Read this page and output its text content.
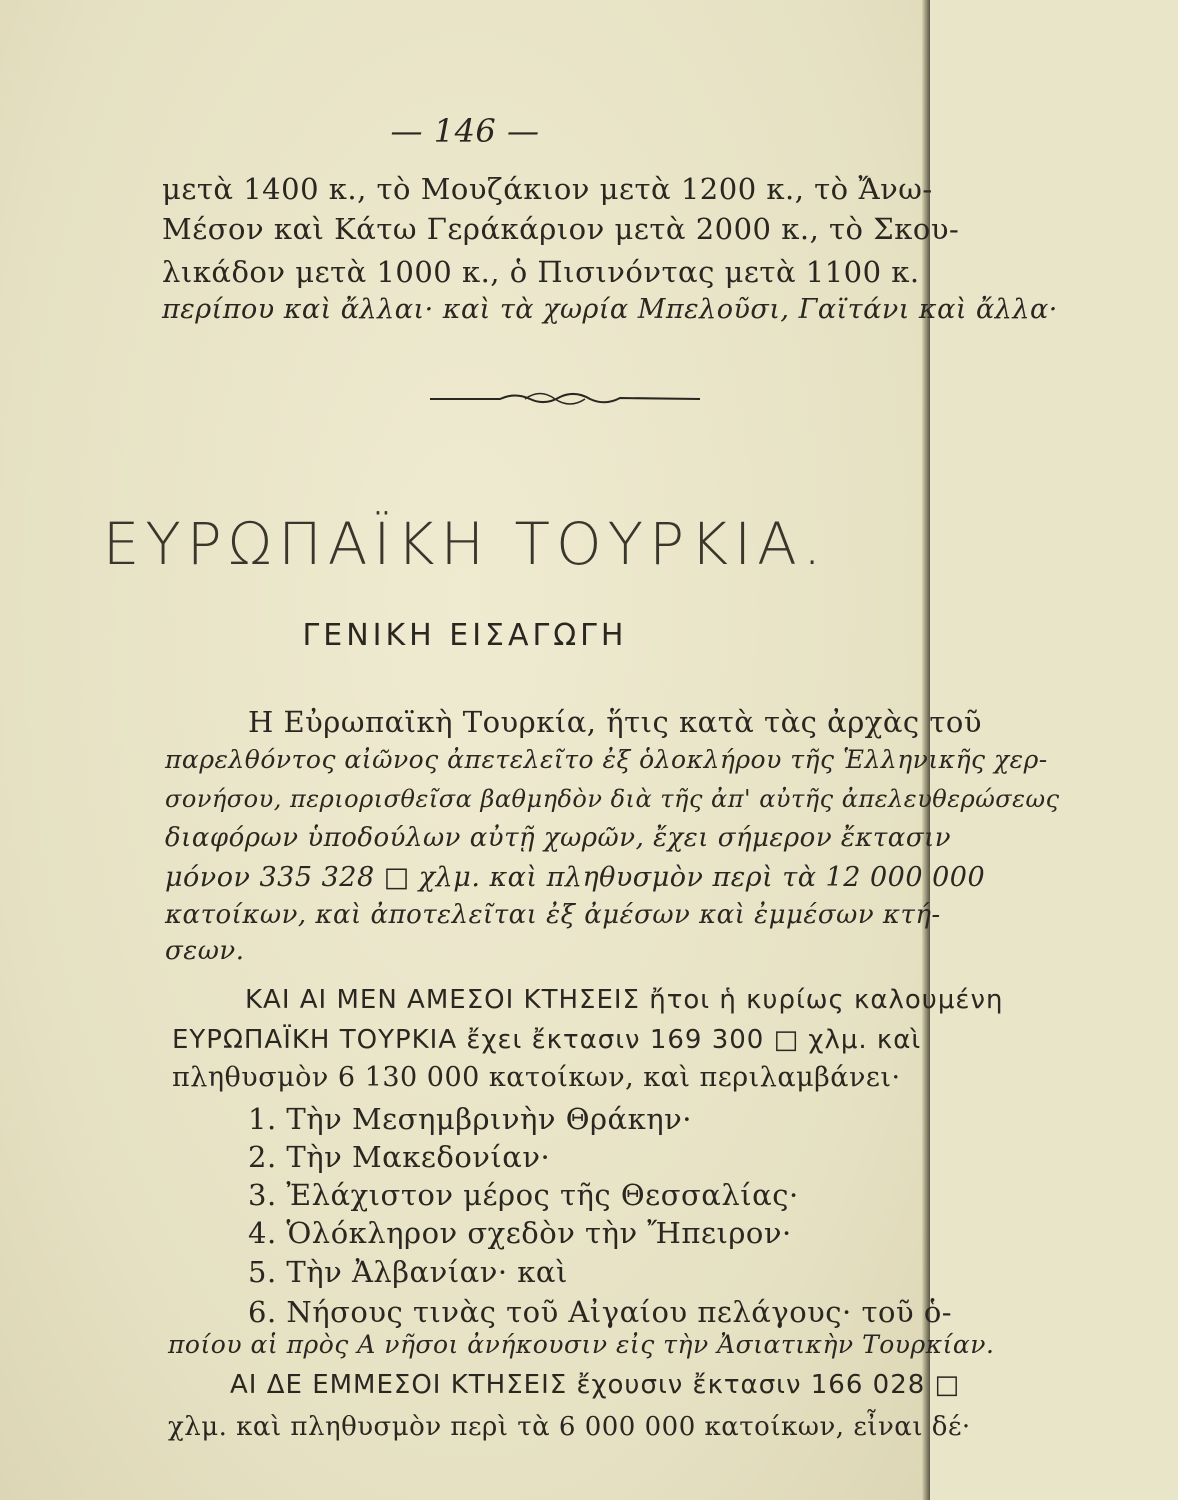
— 146 —
μετὰ 1400 κ., τὸ Μουζάκιον μετὰ 1200 κ., τὸ Ἄνω-
Μέσον καὶ Κάτω Γεράκάριον μετὰ 2000 κ., τὸ Σκου-
λικάδον μετὰ 1000 κ., ὁ Πισινόντας μετὰ 1100 κ.
περίπου καὶ ἄλλαι· καὶ τὰ χωρία Μπελοῦσι, Γαϊτάνι καὶ ἄλλα·
ΕΥΡΩΠΑΪΚΗ ΤΟΥΡΚΙΑ.
ΓΕΝΙΚΗ ΕΙΣΑΓΩΓΗ
Η Εὐρωπαϊκὴ Τουρκία, ἥτις κατὰ τὰς ἀρχὰς τοῦ
παρελθόντος αἰῶνος ἀπετελεῖτο ἐξ ὁλοκλήρου τῆς Ἑλληνικῆς χερ-
σονήσου, περιορισθεῖσα βαθμηδὸν διὰ τῆς ἀπ' αὐτῆς ἀπελευθερώσεως
διαφόρων ὑποδούλων αὐτῇ χωρῶν, ἔχει σήμερον ἔκτασιν
μόνον 335 328 □ χλμ. καὶ πληθυσμὸν περὶ τὰ 12 000 000
κατοίκων, καὶ ἀποτελεῖται ἐξ ἀμέσων καὶ ἐμμέσων κτή-
σεων.
ΚΑΙ ΑΙ ΜΕΝ ΑΜΕΣΟΙ ΚΤΗΣΕΙΣ ἤτοι ἡ κυρίως καλουμένη
ΕΥΡΩΠΑΪΚΗ ΤΟΥΡΚΙΑ ἔχει ἔκτασιν 169 300 □ χλμ. καὶ
πληθυσμὸν 6 130 000 κατοίκων, καὶ περιλαμβάνει·
1. Τὴν Μεσημβρινὴν Θράκην·
2. Τὴν Μακεδονίαν·
3. Ἐλάχιστον μέρος τῆς Θεσσαλίας·
4. Ὁλόκληρον σχεδὸν τὴν Ἤπειρον·
5. Τὴν Ἀλβανίαν· καὶ
6. Νήσους τινὰς τοῦ Αἰγαίου πελάγους· τοῦ ὁ-
ποίου αἱ πρὸς Α νῆσοι ἀνήκουσιν εἰς τὴν Ἀσιατικὴν Τουρκίαν.
ΑΙ ΔΕ ΕΜΜΕΣΟΙ ΚΤΗΣΕΙΣ ἔχουσιν ἔκτασιν 166 028 □
χλμ. καὶ πληθυσμὸν περὶ τὰ 6 000 000 κατοίκων, εἶναι δέ·
